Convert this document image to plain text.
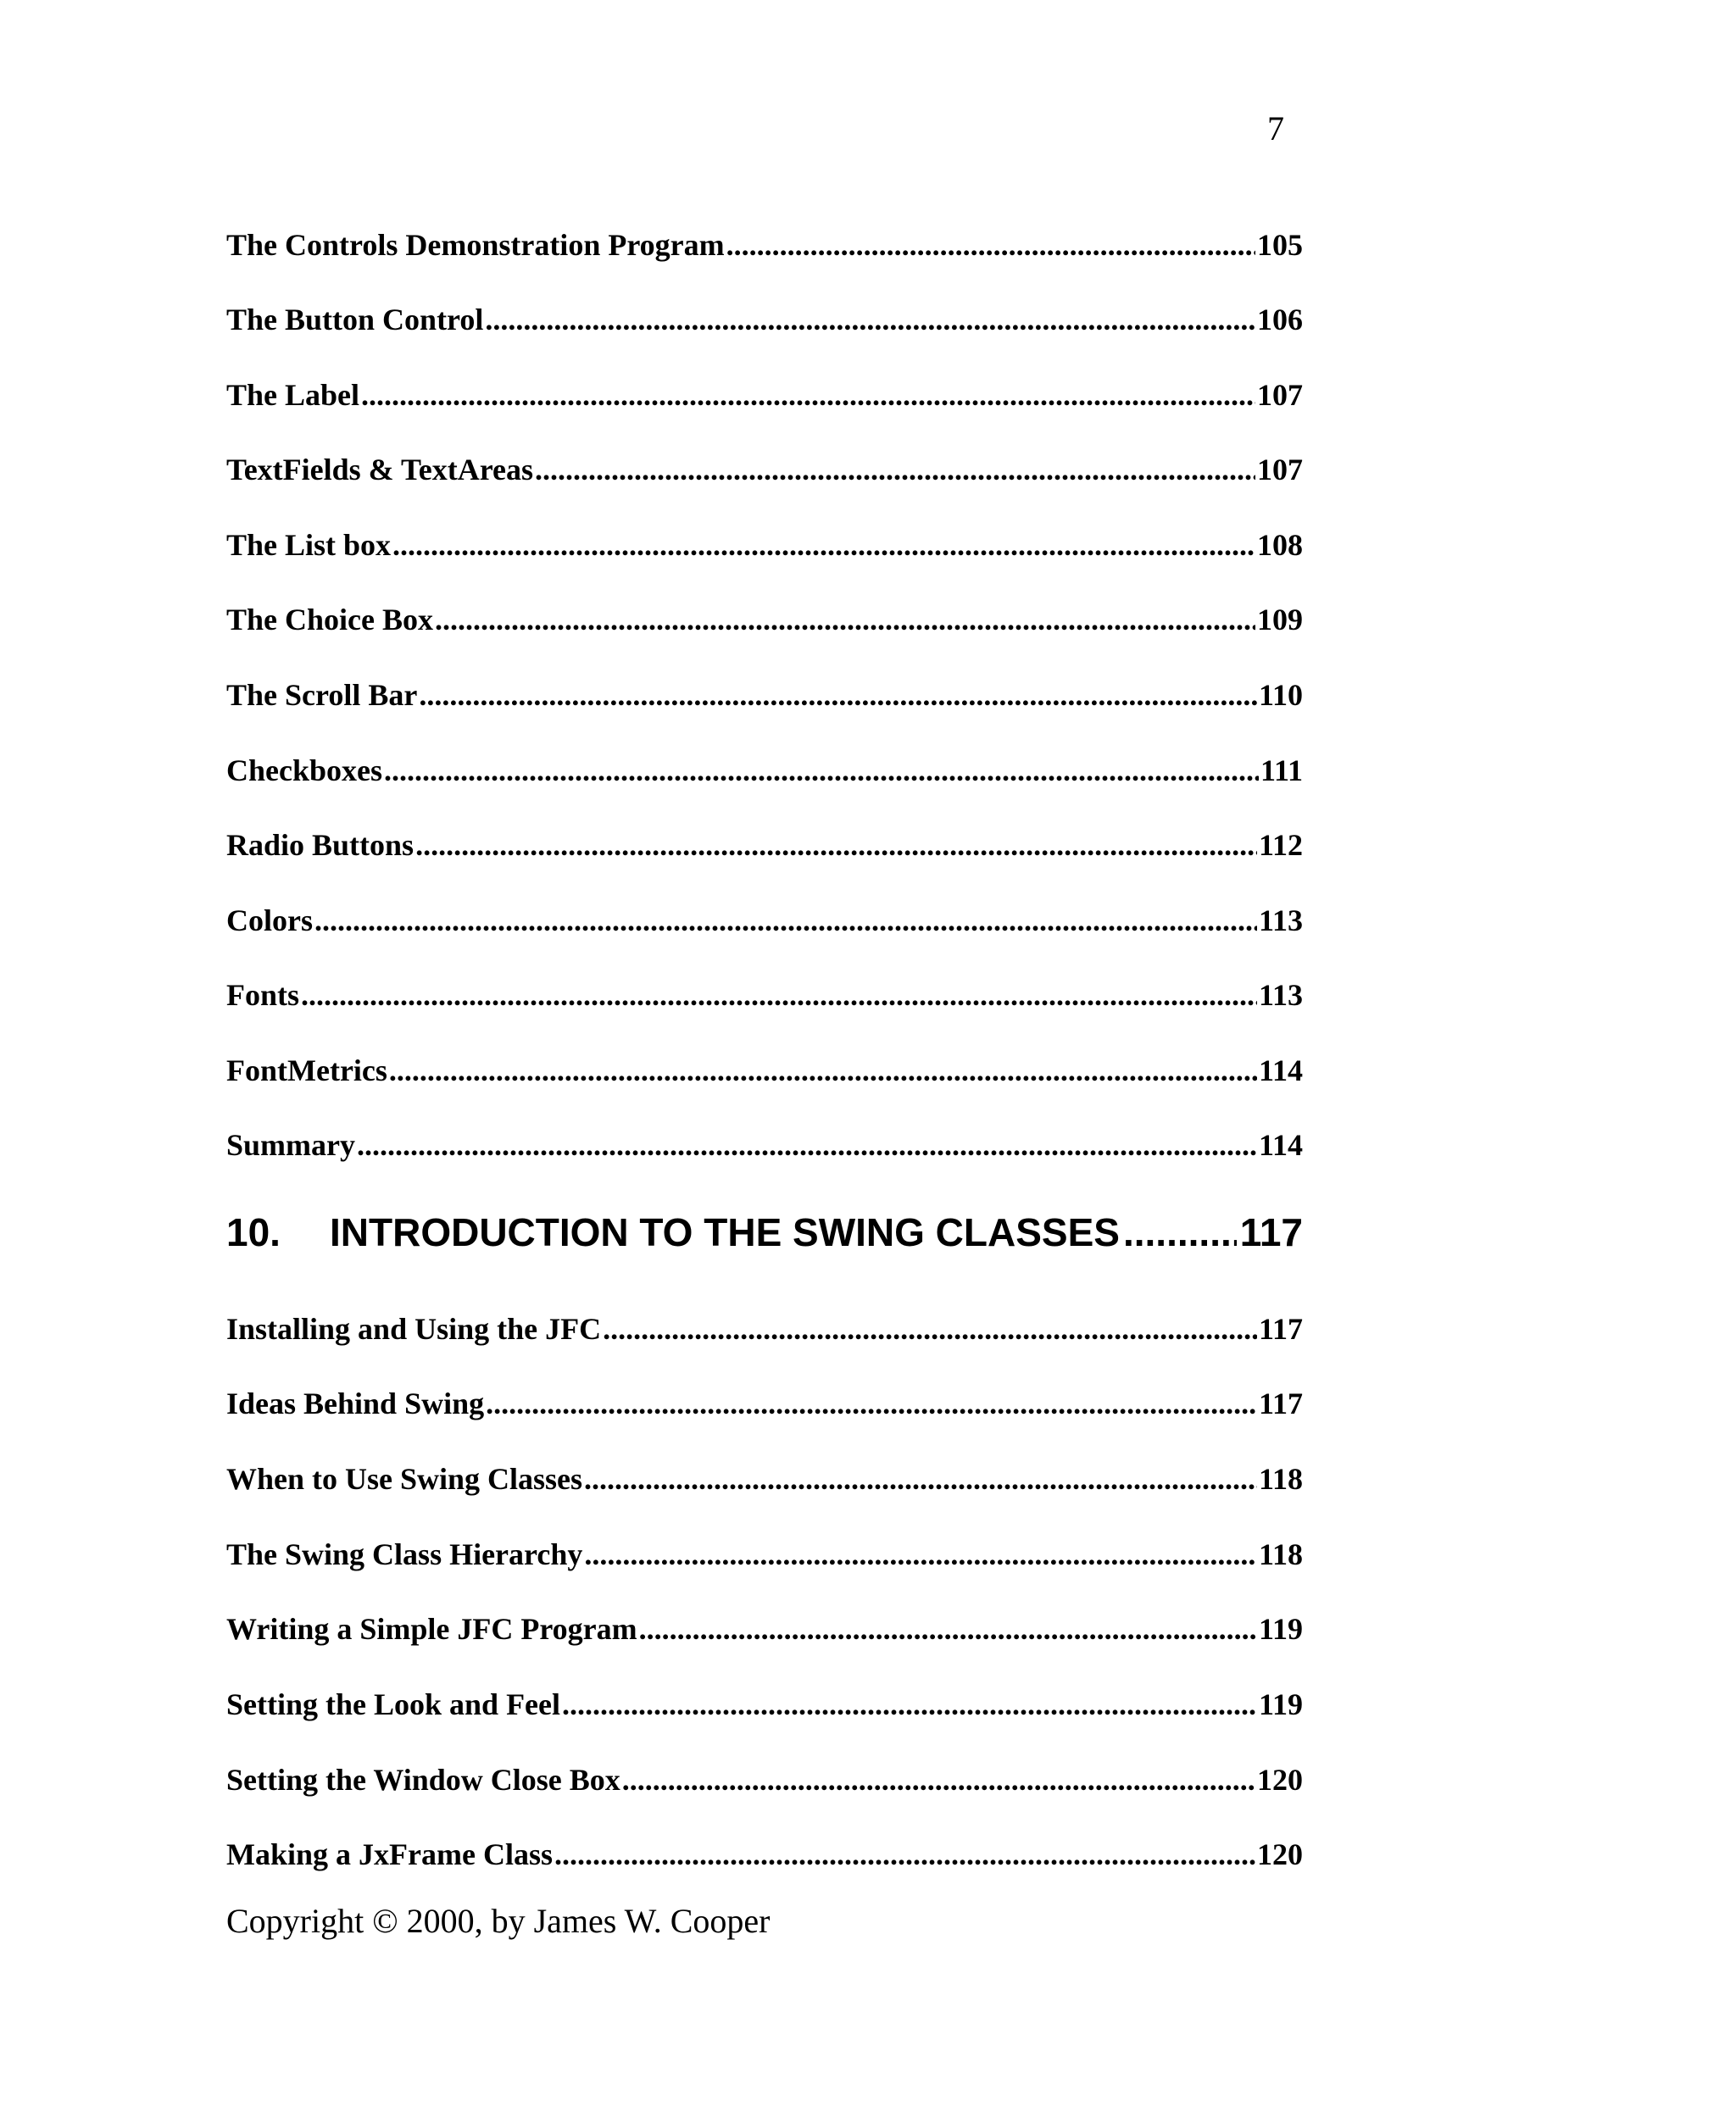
7
The Controls Demonstration Program .....	105
The Button Control .....	106
The Label .....	107
TextFields & TextAreas .....	107
The List box .....	108
The Choice Box .....	109
The Scroll Bar .....	110
Checkboxes .....	111
Radio Buttons .....	112
Colors .....	113
Fonts .....	113
FontMetrics .....	114
Summary .....	114
10.	INTRODUCTION TO THE SWING CLASSES .....	117
Installing and Using the JFC .....	117
Ideas Behind Swing .....	117
When to Use Swing Classes .....	118
The Swing Class Hierarchy .....	118
Writing a Simple JFC Program .....	119
Setting the Look and Feel .....	119
Setting the Window Close Box .....	120
Making a JxFrame Class .....	120
Copyright © 2000, by James W. Cooper
